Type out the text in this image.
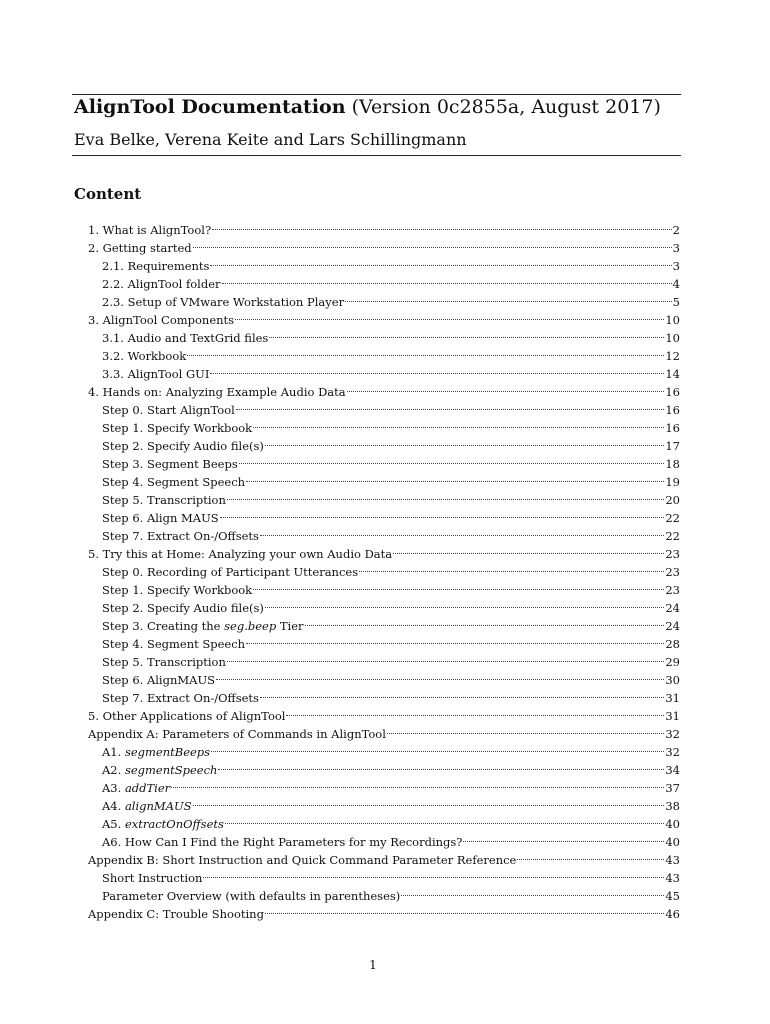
AlignTool Documentation (Version 0c2855a, August 2017)
Eva Belke, Verena Keite and Lars Schillingmann
Content
1. What is AlignTool?	2
2. Getting started	3
2.1. Requirements	3
2.2. AlignTool folder	4
2.3. Setup of VMware Workstation Player	5
3. AlignTool Components	10
3.1. Audio and TextGrid files	10
3.2. Workbook	12
3.3. AlignTool GUI	14
4. Hands on: Analyzing Example Audio Data	16
Step 0. Start AlignTool	16
Step 1. Specify Workbook	16
Step 2. Specify Audio file(s)	17
Step 3. Segment Beeps	18
Step 4. Segment Speech	19
Step 5. Transcription	20
Step 6. Align MAUS	22
Step 7. Extract On-/Offsets	22
5. Try this at Home: Analyzing your own Audio Data	23
Step 0. Recording of Participant Utterances	23
Step 1. Specify Workbook	23
Step 2. Specify Audio file(s)	24
Step 3. Creating the seg.beep Tier	24
Step 4. Segment Speech	28
Step 5. Transcription	29
Step 6. AlignMAUS	30
Step 7. Extract On-/Offsets	31
5. Other Applications of AlignTool	31
Appendix A: Parameters of Commands in AlignTool	32
A1. segmentBeeps	32
A2. segmentSpeech	34
A3. addTier	37
A4. alignMAUS	38
A5. extractOnOffsets	40
A6. How Can I Find the Right Parameters for my Recordings?	40
Appendix B: Short Instruction and Quick Command Parameter Reference	43
Short Instruction	43
Parameter Overview (with defaults in parentheses)	45
Appendix C: Trouble Shooting	46
1
